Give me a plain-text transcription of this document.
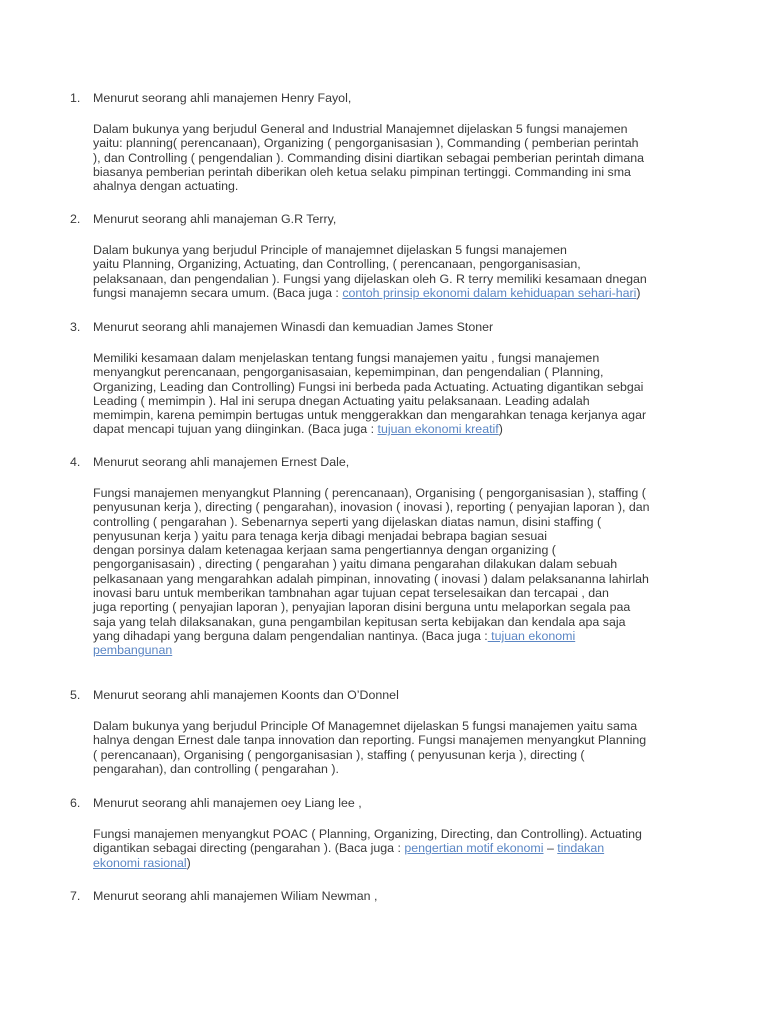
1.	Menurut seorang ahli manajemen Henry Fayol,
Dalam bukunya yang berjudul General and Industrial Manajemnet dijelaskan 5 fungsi manajemen
yaitu: planning( perencanaan), Organizing ( pengorganisasian ), Commanding ( pemberian perintah
), dan Controlling ( pengendalian ). Commanding disini diartikan sebagai pemberian perintah dimana
biasanya pemberian perintah diberikan oleh ketua selaku pimpinan tertinggi. Commanding ini sma
ahalnya dengan actuating.
2.	Menurut seorang ahli manajeman G.R Terry,
Dalam bukunya yang berjudul Principle of manajemnet dijelaskan 5 fungsi manajemen
yaitu Planning, Organizing, Actuating, dan Controlling, ( perencanaan, pengorganisasian,
pelaksanaan, dan pengendalian ). Fungsi yang dijelaskan oleh G. R terry memiliki kesamaan dnegan
fungsi manajemn secara umum. (Baca juga : contoh prinsip ekonomi dalam kehiduapan sehari-hari)
3.	Menurut seorang ahli manajemen Winasdi dan kemuadian James Stoner
Memiliki kesamaan dalam menjelaskan tentang fungsi manajemen yaitu , fungsi manajemen
menyangkut perencanaan, pengorganisasaian, kepemimpinan, dan pengendalian ( Planning,
Organizing, Leading dan Controlling) Fungsi ini berbeda pada Actuating. Actuating digantikan sebgai
Leading ( memimpin ). Hal ini serupa dnegan Actuating yaitu pelaksanaan. Leading adalah
memimpin, karena pemimpin bertugas untuk menggerakkan dan mengarahkan tenaga kerjanya agar
dapat mencapi tujuan yang diinginkan. (Baca juga : tujuan ekonomi kreatif)
4.	Menurut seorang ahli manajemen Ernest Dale,
Fungsi manajemen menyangkut Planning ( perencanaan), Organising ( pengorganisasian ), staffing (
penyusunan kerja ), directing ( pengarahan), inovasion ( inovasi ), reporting ( penyajian laporan ), dan
controlling ( pengarahan ). Sebenarnya seperti yang dijelaskan diatas namun, disini staffing (
penyusunan kerja ) yaitu para tenaga kerja dibagi menjadai bebrapa bagian sesuai
dengan porsinya dalam ketenagaa kerjaan sama pengertiannya dengan organizing (
pengorganisasain) , directing ( pengarahan ) yaitu dimana pengarahan dilakukan dalam sebuah
pelkasanaan yang mengarahkan adalah pimpinan, innovating ( inovasi ) dalam pelaksananna lahirlah
inovasi baru untuk memberikan tambnahan agar tujuan cepat terselesaikan dan tercapai , dan
juga reporting ( penyajian laporan ), penyajian laporan disini berguna untu melaporkan segala paa
saja yang telah dilaksanakan, guna pengambilan kepitusan serta kebijakan dan kendala apa saja
yang dihadapi yang berguna dalam pengendalian nantinya. (Baca juga : tujuan ekonomi
pembangunan
5.	Menurut seorang ahli manajemen Koonts dan O’Donnel
Dalam bukunya yang berjudul Principle Of Managemnet dijelaskan 5 fungsi manajemen yaitu sama
halnya dengan Ernest dale tanpa innovation dan reporting. Fungsi manajemen menyangkut Planning
( perencanaan), Organising ( pengorganisasian ), staffing ( penyusunan kerja ), directing (
pengarahan), dan controlling ( pengarahan ).
6.	Menurut seorang ahli manajemen oey Liang lee ,
Fungsi manajemen menyangkut POAC ( Planning, Organizing, Directing, dan Controlling). Actuating
digantikan sebagai directing (pengarahan ). (Baca juga : pengertian motif ekonomi – tindakan
ekonomi rasional)
7.	Menurut seorang ahli manajemen Wiliam Newman ,
